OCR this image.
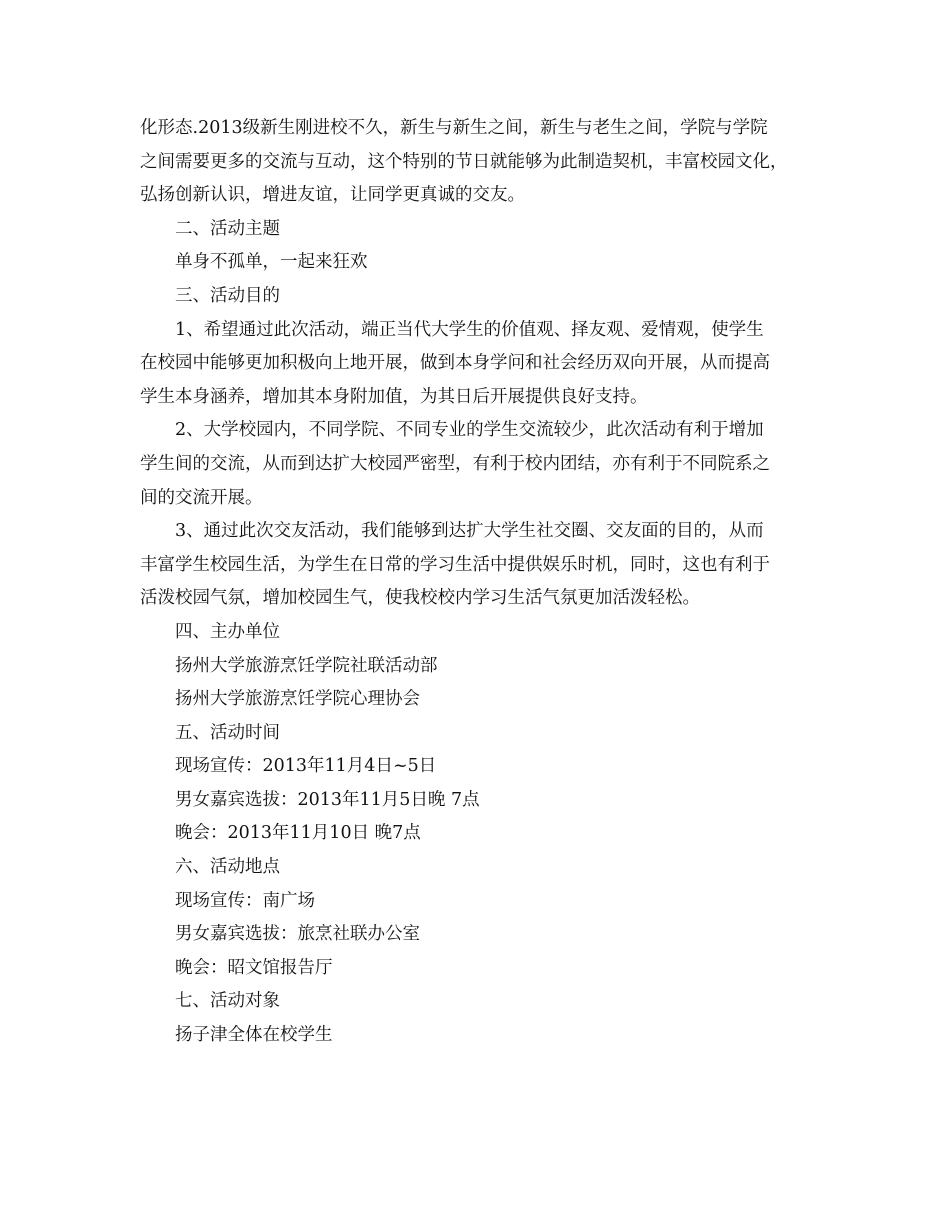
化形态.2013级新生刚进校不久，新生与新生之间，新生与老生之间，学院与学院
之间需要更多的交流与互动，这个特别的节日就能够为此制造契机，丰富校园文化，
弘扬创新认识，增进友谊，让同学更真诚的交友。
二、活动主题
单身不孤单，一起来狂欢
三、活动目的
1、希望通过此次活动，端正当代大学生的价值观、择友观、爱情观，使学生
在校园中能够更加积极向上地开展，做到本身学问和社会经历双向开展，从而提高
学生本身涵养，增加其本身附加值，为其日后开展提供良好支持。
2、大学校园内，不同学院、不同专业的学生交流较少，此次活动有利于增加
学生间的交流，从而到达扩大校园严密型，有利于校内团结，亦有利于不同院系之
间的交流开展。
3、通过此次交友活动，我们能够到达扩大学生社交圈、交友面的目的，从而
丰富学生校园生活，为学生在日常的学习生活中提供娱乐时机，同时，这也有利于
活泼校园气氛，增加校园生气，使我校校内学习生活气氛更加活泼轻松。
四、主办单位
扬州大学旅游烹饪学院社联活动部
扬州大学旅游烹饪学院心理协会
五、活动时间
现场宣传：2013年11月4日~5日
男女嘉宾选拔：2013年11月5日晚 7点
晚会：2013年11月10日 晚7点
六、活动地点
现场宣传：南广场
男女嘉宾选拔：旅烹社联办公室
晚会：昭文馆报告厅
七、活动对象
扬子津全体在校学生
